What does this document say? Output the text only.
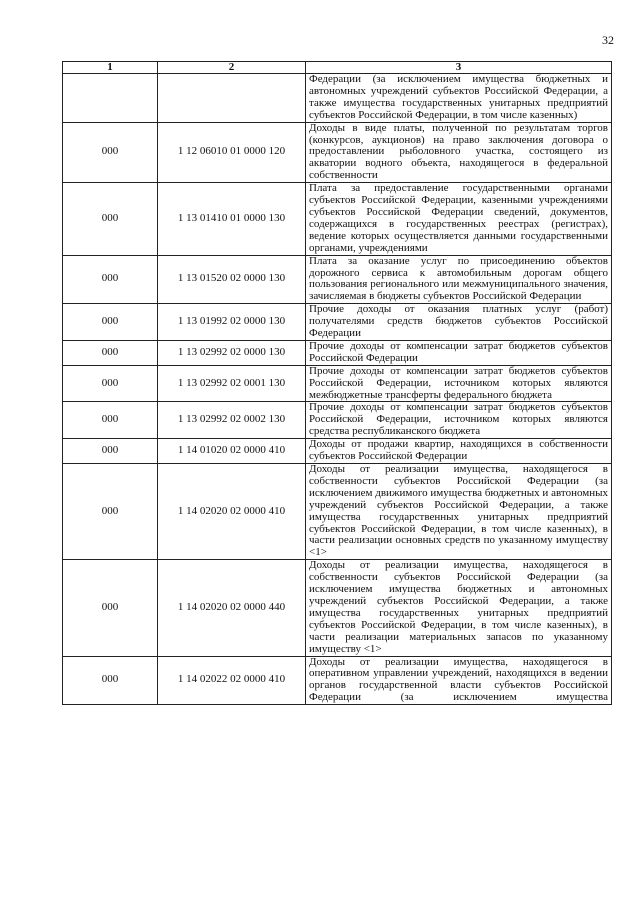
32
1	2	3
		Федерации (за исключением имущества бюджетных и автономных учреждений субъектов Российской Федерации, а также имущества государственных унитарных предприятий субъектов Российской Федерации, в том числе казенных)
000	1 12 06010 01 0000 120	Доходы в виде платы, полученной по результатам торгов (конкурсов, аукционов) на право заключения договора о предоставлении рыболовного участка, состоящего из акватории водного объекта, находящегося в федеральной собственности
000	1 13 01410 01 0000 130	Плата за предоставление государственными органами субъектов Российской Федерации, казенными учреждениями субъектов Российской Федерации сведений, документов, содержащихся в государственных реестрах (регистрах), ведение которых осуществляется данными государственными органами, учреждениями
000	1 13 01520 02 0000 130	Плата за оказание услуг по присоединению объектов дорожного сервиса к автомобильным дорогам общего пользования регионального или межмуниципального значения, зачисляемая в бюджеты субъектов Российской Федерации
000	1 13 01992 02 0000 130	Прочие доходы от оказания платных услуг (работ) получателями средств бюджетов субъектов Российской Федерации
000	1 13 02992 02 0000 130	Прочие доходы от компенсации затрат бюджетов субъектов Российской Федерации
000	1 13 02992 02 0001 130	Прочие доходы от компенсации затрат бюджетов субъектов Российской Федерации, источником которых являются межбюджетные трансферты федерального бюджета
000	1 13 02992 02 0002 130	Прочие доходы от компенсации затрат бюджетов субъектов Российской Федерации, источником которых являются средства республиканского бюджета
000	1 14 01020 02 0000 410	Доходы от продажи квартир, находящихся в собственности субъектов Российской Федерации
000	1 14 02020 02 0000 410	Доходы от реализации имущества, находящегося в собственности субъектов Российской Федерации (за исключением движимого имущества бюджетных и автономных учреждений субъектов Российской Федерации, а также имущества государственных унитарных предприятий субъектов Российской Федерации, в том числе казенных), в части реализации основных средств по указанному имуществу <1>
000	1 14 02020 02 0000 440	Доходы от реализации имущества, находящегося в собственности субъектов Российской Федерации (за исключением имущества бюджетных и автономных учреждений субъектов Российской Федерации, а также имущества государственных унитарных предприятий субъектов Российской Федерации, в том числе казенных), в части реализации материальных запасов по указанному имуществу <1>
000	1 14 02022 02 0000 410	Доходы от реализации имущества, находящегося в оперативном управлении учреждений, находящихся в ведении органов государственной власти субъектов Российской Федерации (за исключением имущества
